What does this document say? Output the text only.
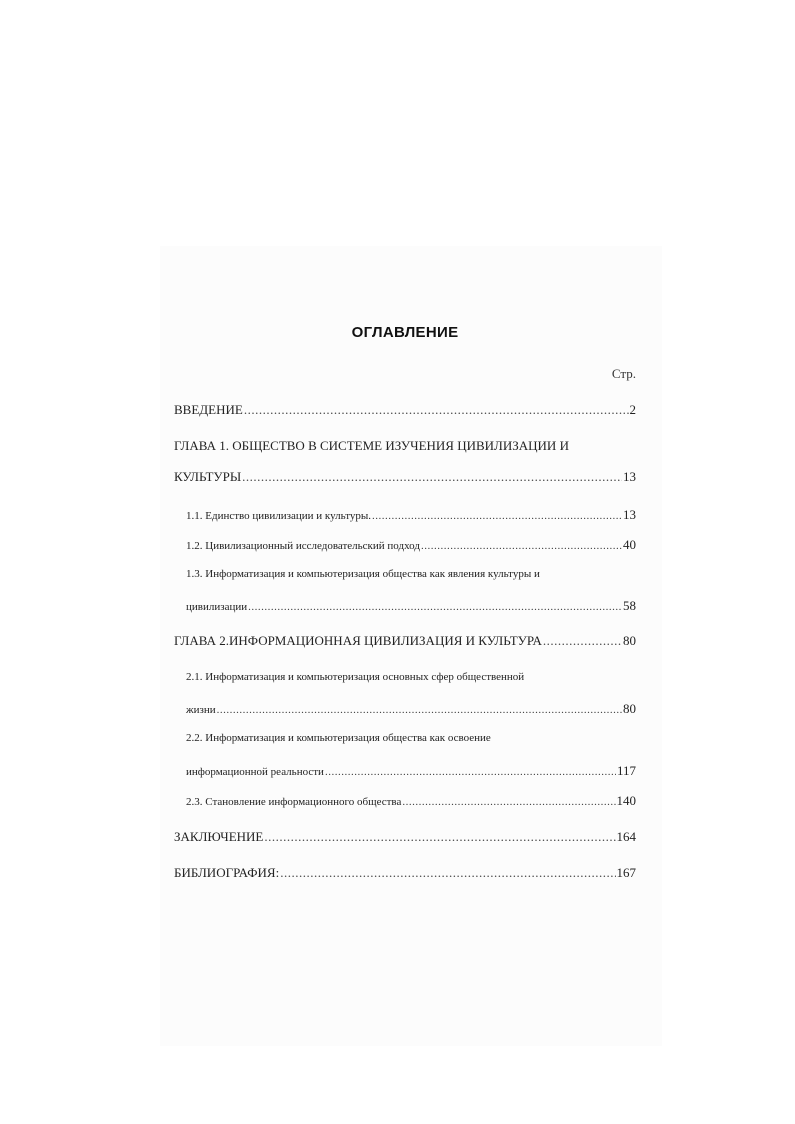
ОГЛАВЛЕНИЕ
Стр.
ВВЕДЕНИЕ .....	2
ГЛАВА 1. ОБЩЕСТВО В СИСТЕМЕ ИЗУЧЕНИЯ ЦИВИЛИЗАЦИИ И
КУЛЬТУРЫ .....	13
1.1. Единство цивилизации и культуры. .....	13
1.2. Цивилизационный исследовательский подход .....	40
1.3. Информатизация и компьютеризация общества как явления культуры и
цивилизации .....	58
ГЛАВА 2.ИНФОРМАЦИОННАЯ ЦИВИЛИЗАЦИЯ И КУЛЬТУРА .....	80
2.1. Информатизация и компьютеризация основных сфер общественной
жизни .....	80
2.2. Информатизация и компьютеризация общества как освоение
информационной реальности .....	117
2.3. Становление информационного общества .....	140
ЗАКЛЮЧЕНИЕ .....	164
БИБЛИОГРАФИЯ: .....	167
